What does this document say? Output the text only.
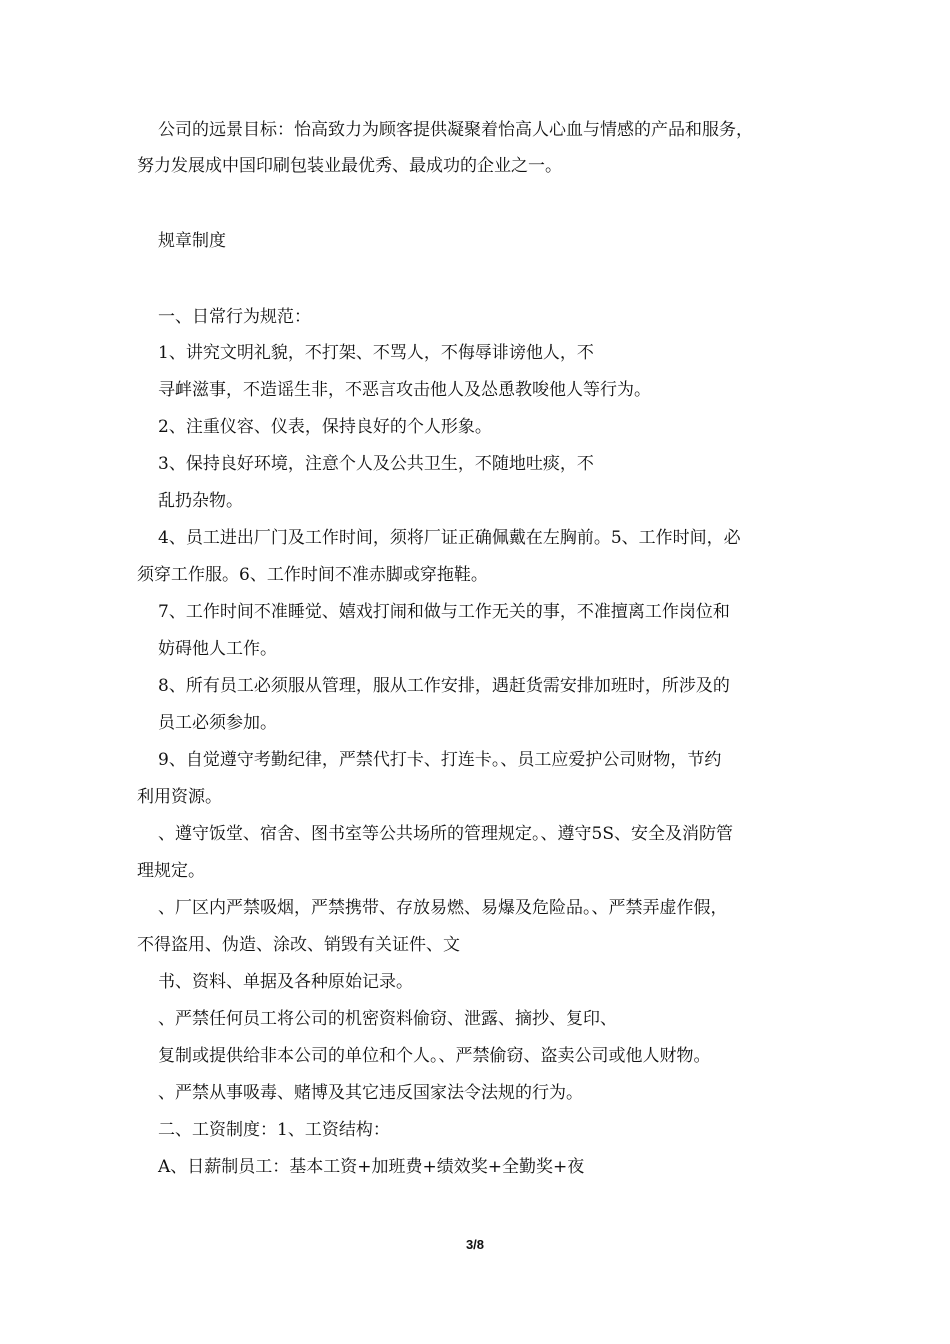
公司的远景目标：怡高致力为顾客提供凝聚着怡高人心血与情感的产品和服务，
努力发展成中国印刷包装业最优秀、最成功的企业之一。
规章制度
一、日常行为规范：
1、讲究文明礼貌，不打架、不骂人，不侮辱诽谤他人，不
寻衅滋事，不造谣生非，不恶言攻击他人及怂恿教唆他人等行为。
2、注重仪容、仪表，保持良好的个人形象。
3、保持良好环境，注意个人及公共卫生，不随地吐痰，不
乱扔杂物。
4、员工进出厂门及工作时间，须将厂证正确佩戴在左胸前。5、工作时间，必
须穿工作服。6、工作时间不准赤脚或穿拖鞋。
7、工作时间不准睡觉、嬉戏打闹和做与工作无关的事，不准擅离工作岗位和
妨碍他人工作。
8、所有员工必须服从管理，服从工作安排，遇赶货需安排加班时，所涉及的
员工必须参加。
9、自觉遵守考勤纪律，严禁代打卡、打连卡。、员工应爱护公司财物，节约
利用资源。
、遵守饭堂、宿舍、图书室等公共场所的管理规定。、遵守5S、安全及消防管
理规定。
、厂区内严禁吸烟，严禁携带、存放易燃、易爆及危险品。、严禁弄虚作假，
不得盗用、伪造、涂改、销毁有关证件、文
书、资料、单据及各种原始记录。
、严禁任何员工将公司的机密资料偷窃、泄露、摘抄、复印、
复制或提供给非本公司的单位和个人。、严禁偷窃、盗卖公司或他人财物。
、严禁从事吸毒、赌博及其它违反国家法令法规的行为。
二、工资制度：1、工资结构：
A、日薪制员工：基本工资+加班费+绩效奖+全勤奖+夜
3/8
